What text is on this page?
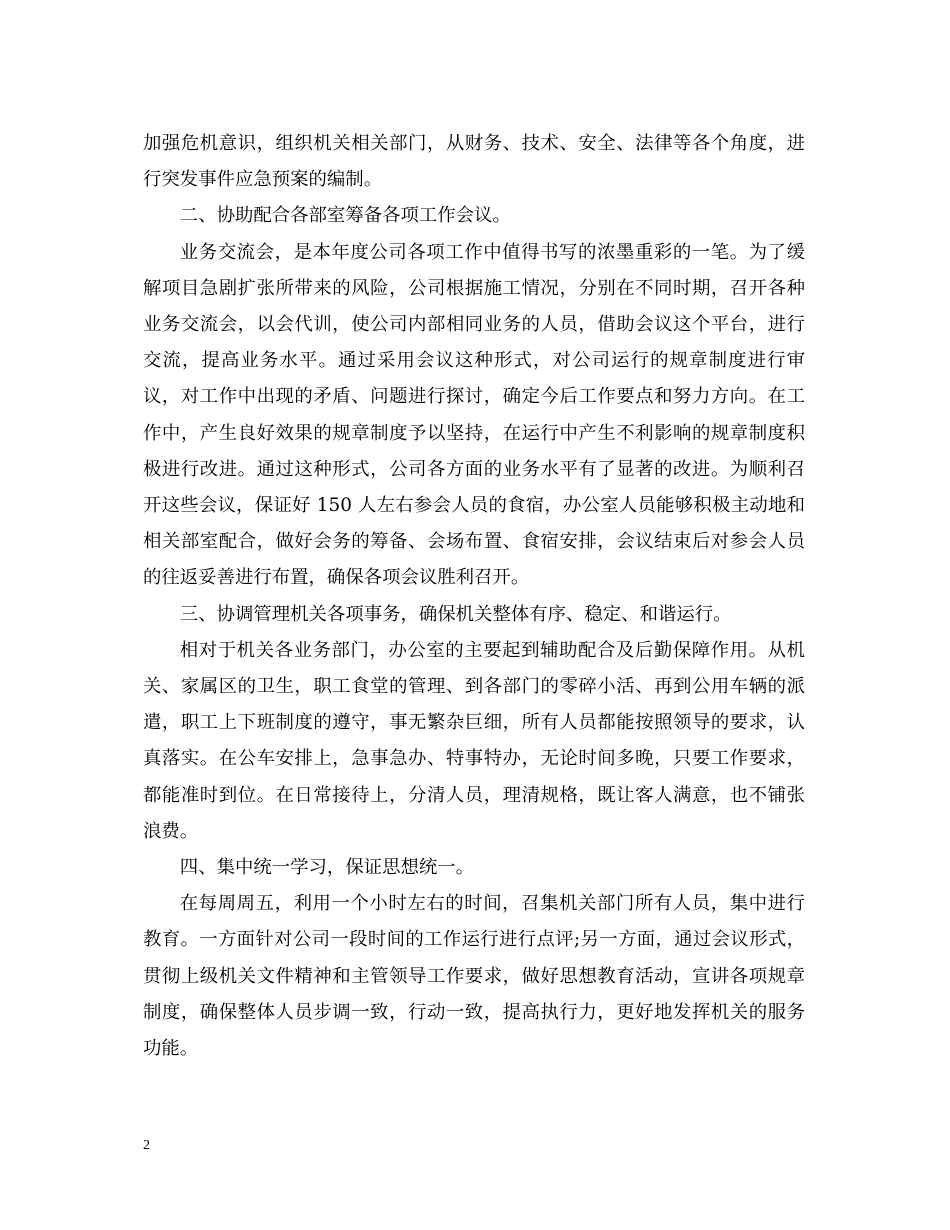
加强危机意识，组织机关相关部门，从财务、技术、安全、法律等各个角度，进行突发事件应急预案的编制。

二、协助配合各部室筹备各项工作会议。

业务交流会，是本年度公司各项工作中值得书写的浓墨重彩的一笔。为了缓解项目急剧扩张所带来的风险，公司根据施工情况，分别在不同时期，召开各种业务交流会，以会代训，使公司内部相同业务的人员，借助会议这个平台，进行交流，提高业务水平。通过采用会议这种形式，对公司运行的规章制度进行审议，对工作中出现的矛盾、问题进行探讨，确定今后工作要点和努力方向。在工作中，产生良好效果的规章制度予以坚持，在运行中产生不利影响的规章制度积极进行改进。通过这种形式，公司各方面的业务水平有了显著的改进。为顺利召开这些会议，保证好 150 人左右参会人员的食宿，办公室人员能够积极主动地和相关部室配合，做好会务的筹备、会场布置、食宿安排，会议结束后对参会人员的往返妥善进行布置，确保各项会议胜利召开。

三、协调管理机关各项事务，确保机关整体有序、稳定、和谐运行。

相对于机关各业务部门，办公室的主要起到辅助配合及后勤保障作用。从机关、家属区的卫生，职工食堂的管理、到各部门的零碎小活、再到公用车辆的派遣，职工上下班制度的遵守，事无繁杂巨细，所有人员都能按照领导的要求，认真落实。在公车安排上，急事急办、特事特办，无论时间多晚，只要工作要求，都能准时到位。在日常接待上，分清人员，理清规格，既让客人满意，也不铺张浪费。

四、集中统一学习，保证思想统一。

在每周周五，利用一个小时左右的时间，召集机关部门所有人员，集中进行教育。一方面针对公司一段时间的工作运行进行点评;另一方面，通过会议形式，贯彻上级机关文件精神和主管领导工作要求，做好思想教育活动，宣讲各项规章制度，确保整体人员步调一致，行动一致，提高执行力，更好地发挥机关的服务功能。

2
